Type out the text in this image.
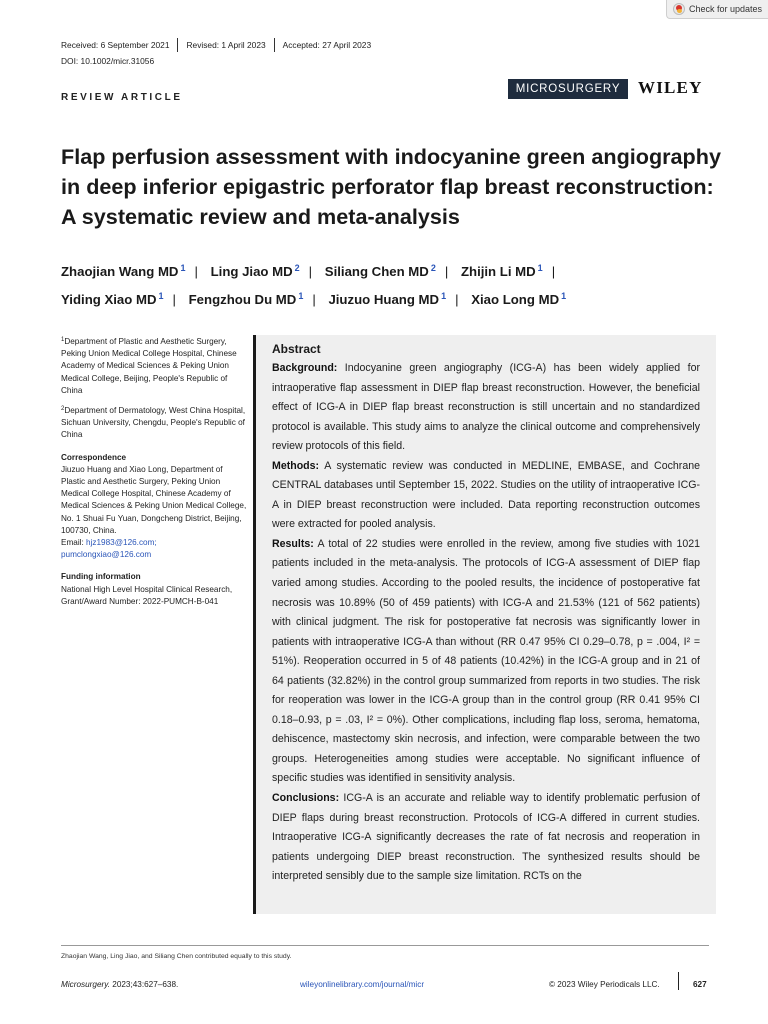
Check for updates
Received: 6 September 2021	Revised: 1 April 2023	Accepted: 27 April 2023
DOI: 10.1002/micr.31056
REVIEW ARTICLE
MICROSURGERY	WILEY
Flap perfusion assessment with indocyanine green angiography in deep inferior epigastric perforator flap breast reconstruction: A systematic review and meta-analysis
Zhaojian Wang MD $^1$ | Ling Jiao MD $^2$ | Siliang Chen MD $^2$ | Zhijin Li MD $^1$ |
Yiding Xiao MD $^1$ | Fengzhou Du MD $^1$ | Jiuzuo Huang MD $^1$ | Xiao Long MD $^1$

$^1$Department of Plastic and Aesthetic Surgery, Peking Union Medical College Hospital, Chinese Academy of Medical Sciences & Peking Union Medical College, Beijing, People's Republic of China

$^2$Department of Dermatology, West China Hospital, Sichuan University, Chengdu, People's Republic of China

Correspondence

Jiuzuo Huang and Xiao Long, Department of Plastic and Aesthetic Surgery, Peking Union Medical College Hospital, Chinese Academy of Medical Sciences & Peking Union Medical College, No. 1 Shuai Fu Yuan, Dongcheng District, Beijing, 100730, China.
Email: hjz1983@126.com; pumclongxiao@126.com

Funding information

National High Level Hospital Clinical Research, Grant/Award Number: 2022-PUMCH-B-041

Abstract

Background: Indocyanine green angiography (ICG-A) has been widely applied for intraoperative flap assessment in DIEP flap breast reconstruction. However, the beneficial effect of ICG-A in DIEP flap breast reconstruction is still uncertain and no standardized protocol is available. This study aims to analyze the clinical outcome and comprehensively review protocols of this field.

Methods: A systematic review was conducted in MEDLINE, EMBASE, and Cochrane CENTRAL databases until September 15, 2022. Studies on the utility of intraoperative ICG-A in DIEP breast reconstruction were included. Data reporting reconstruction outcomes were extracted for pooled analysis.

Results: A total of 22 studies were enrolled in the review, among five studies with 1021 patients included in the meta-analysis. The protocols of ICG-A assessment of DIEP flap varied among studies. According to the pooled results, the incidence of postoperative fat necrosis was 10.89% (50 of 459 patients) with ICG-A and 21.53% (121 of 562 patients) with clinical judgment. The risk for postoperative fat necrosis was significantly lower in patients with intraoperative ICG-A than without (RR 0.47 95% CI 0.29–0.78, p = .004, I² = 51%). Reoperation occurred in 5 of 48 patients (10.42%) in the ICG-A group and in 21 of 64 patients (32.82%) in the control group summarized from reports in two studies. The risk for reoperation was lower in the ICG-A group than in the control group (RR 0.41 95% CI 0.18–0.93, p = .03, I² = 0%). Other complications, including flap loss, seroma, hematoma, dehiscence, mastectomy skin necrosis, and infection, were comparable between the two groups. Heterogeneities among studies were acceptable. No significant influence of specific studies was identified in sensitivity analysis.

Conclusions: ICG-A is an accurate and reliable way to identify problematic perfusion of DIEP flaps during breast reconstruction. Protocols of ICG-A differed in current studies. Intraoperative ICG-A significantly decreases the rate of fat necrosis and reoperation in patients undergoing DIEP breast reconstruction. The synthesized results should be interpreted sensibly due to the sample size limitation. RCTs on the

Zhaojian Wang, Ling Jiao, and Siliang Chen contributed equally to this study.
Microsurgery. 2023;43:627–638.	wileyonlinelibrary.com/journal/micr	© 2023 Wiley Periodicals LLC.	627
